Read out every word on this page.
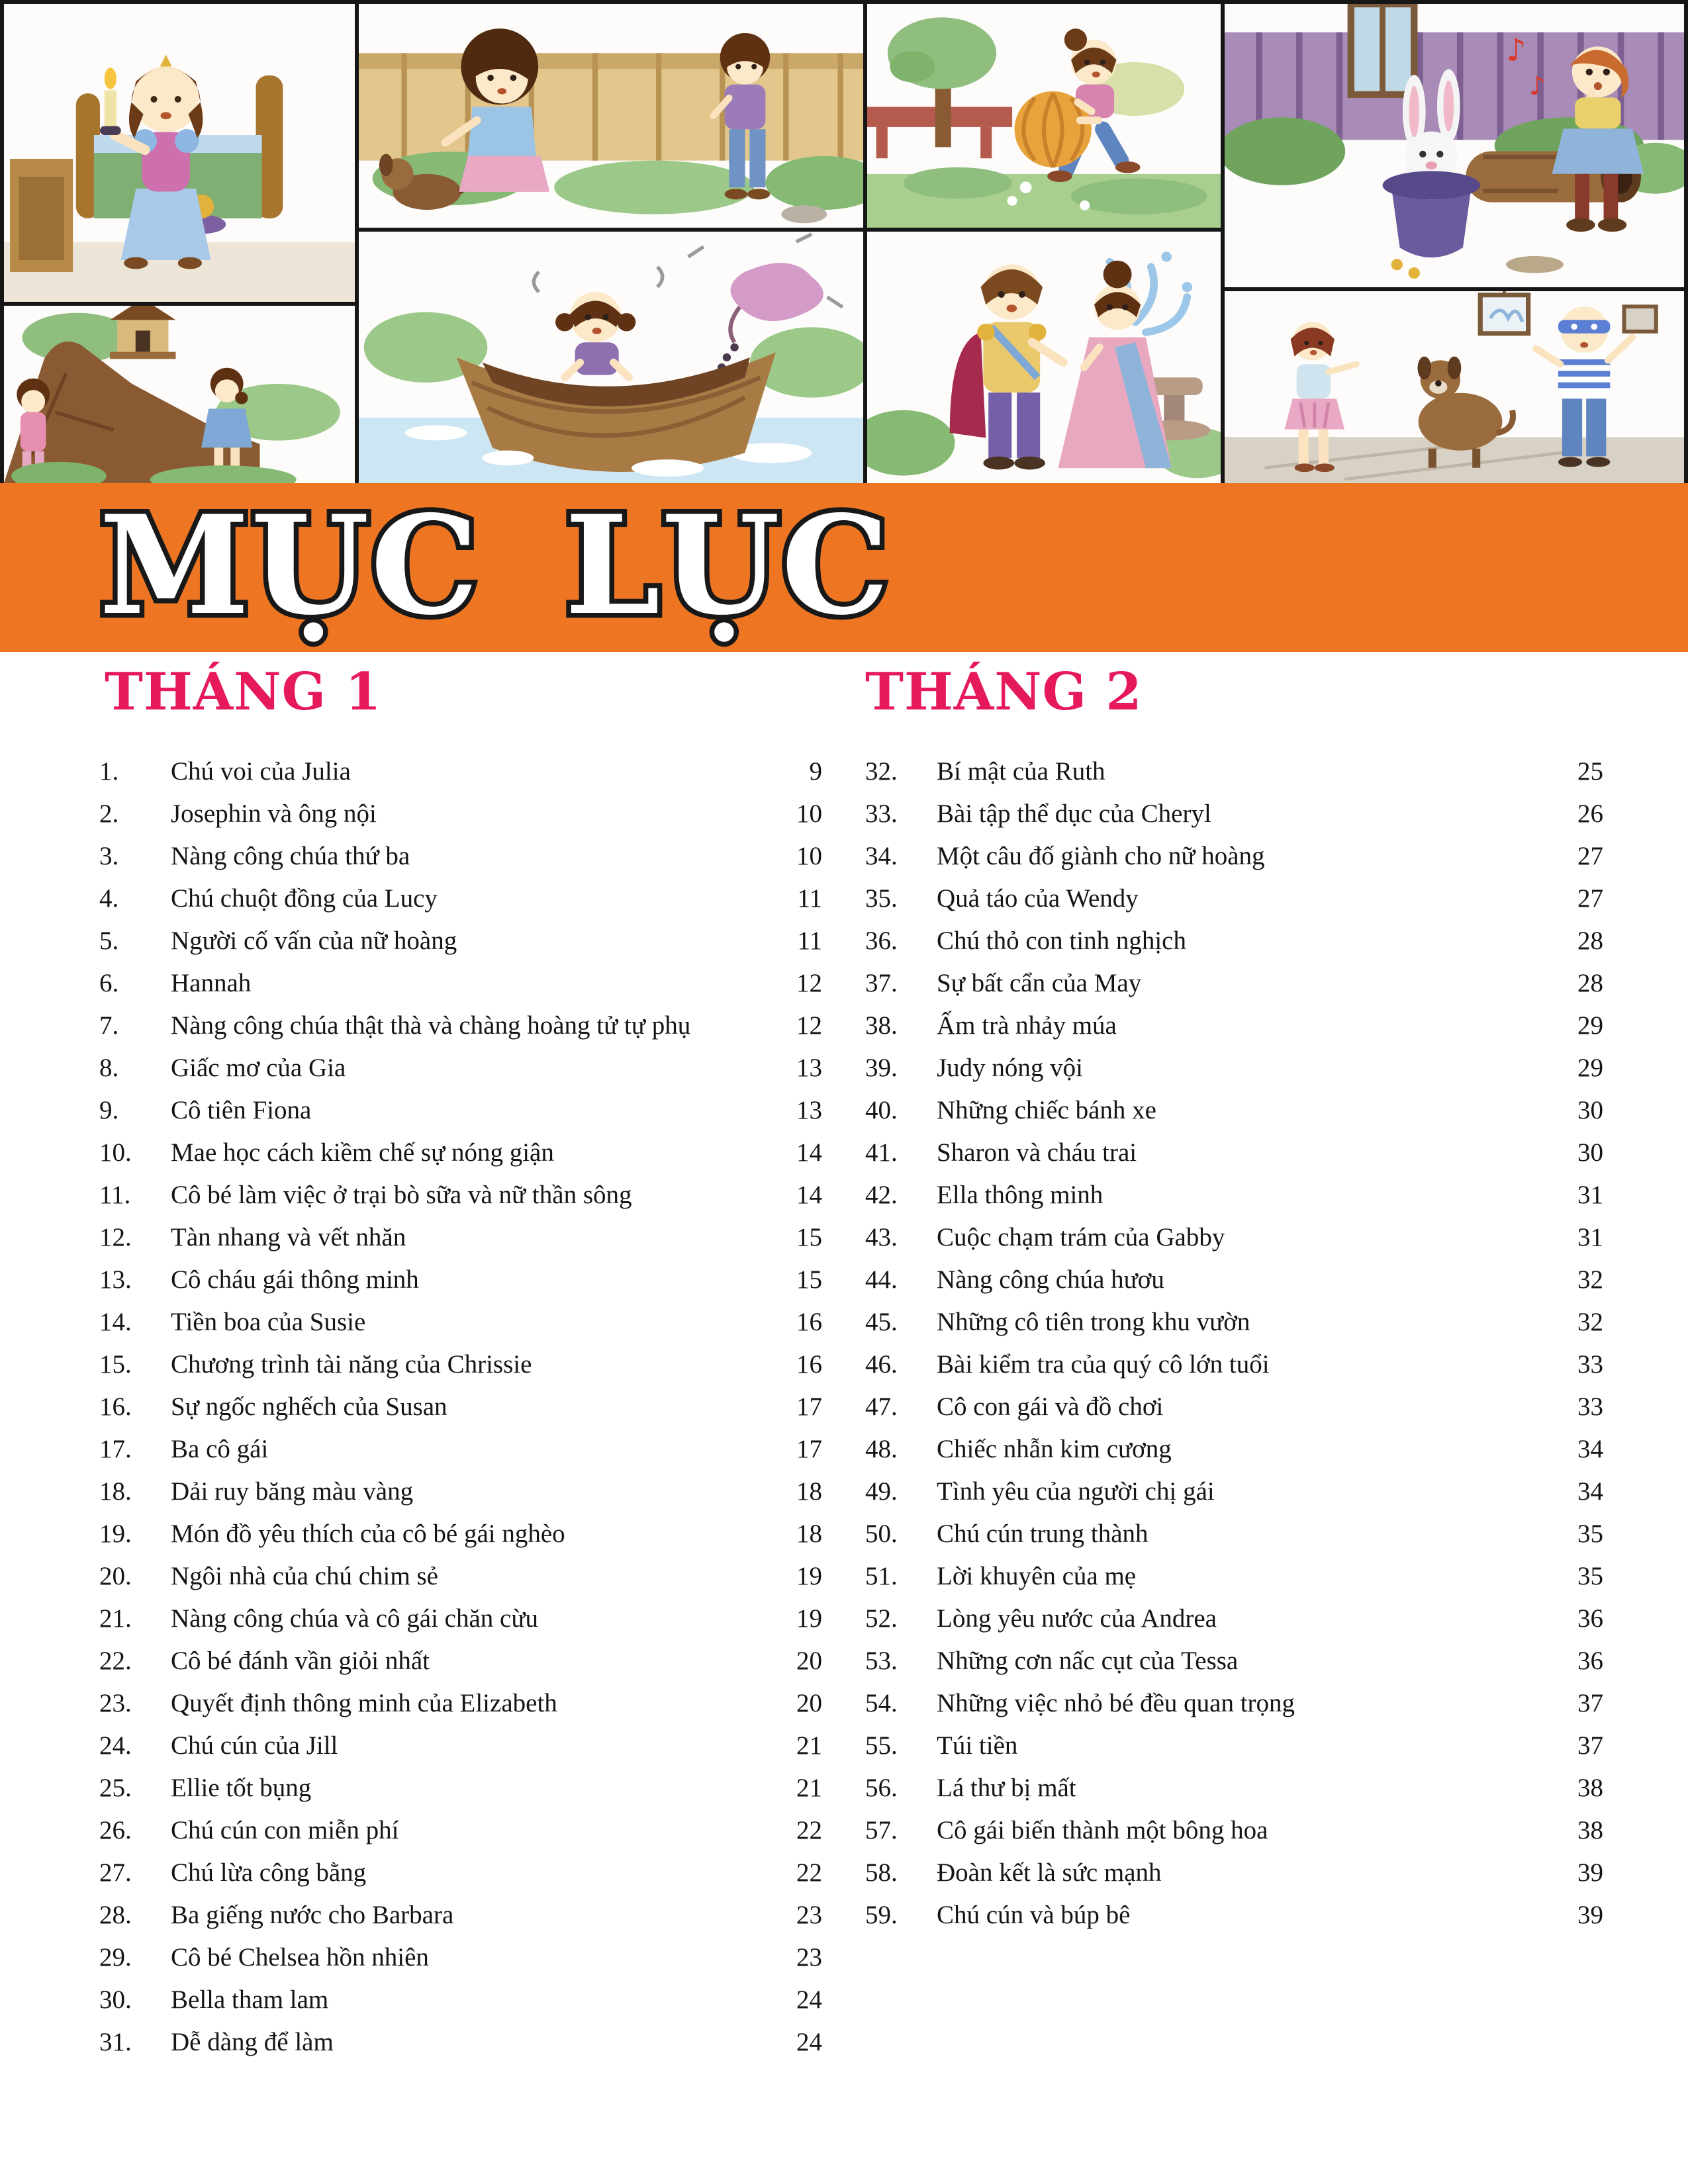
♪
♪
MỤC LỤC
THÁNG 1	THÁNG 2
1.	Chú voi của Julia	9
2.	Josephin và ông nội	10
3.	Nàng công chúa thứ ba	10
4.	Chú chuột đồng của Lucy	11
5.	Người cố vấn của nữ hoàng	11
6.	Hannah	12
7.	Nàng công chúa thật thà và chàng hoàng tử tự phụ	12
8.	Giấc mơ của Gia	13
9.	Cô tiên Fiona	13
10.	Mae học cách kiềm chế sự nóng giận	14
11.	Cô bé làm việc ở trại bò sữa và nữ thần sông	14
12.	Tàn nhang và vết nhăn	15
13.	Cô cháu gái thông minh	15
14.	Tiền boa của Susie	16
15.	Chương trình tài năng của Chrissie	16
16.	Sự ngốc nghếch của Susan	17
17.	Ba cô gái	17
18.	Dải ruy băng màu vàng	18
19.	Món đồ yêu thích của cô bé gái nghèo	18
20.	Ngôi nhà của chú chim sẻ	19
21.	Nàng công chúa và cô gái chăn cừu	19
22.	Cô bé đánh vần giỏi nhất	20
23.	Quyết định thông minh của Elizabeth	20
24.	Chú cún của Jill	21
25.	Ellie tốt bụng	21
26.	Chú cún con miễn phí	22
27.	Chú lừa công bằng	22
28.	Ba giếng nước cho Barbara	23
29.	Cô bé Chelsea hồn nhiên	23
30.	Bella tham lam	24
31.	Dễ dàng để làm	24
32.	Bí mật của Ruth	25
33.	Bài tập thể dục của Cheryl	26
34.	Một câu đố giành cho nữ hoàng	27
35.	Quả táo của Wendy	27
36.	Chú thỏ con tinh nghịch	28
37.	Sự bất cẩn của May	28
38.	Ấm trà nhảy múa	29
39.	Judy nóng vội	29
40.	Những chiếc bánh xe	30
41.	Sharon và cháu trai	30
42.	Ella thông minh	31
43.	Cuộc chạm trám của Gabby	31
44.	Nàng công chúa hươu	32
45.	Những cô tiên trong khu vườn	32
46.	Bài kiểm tra của quý cô lớn tuổi	33
47.	Cô con gái và đồ chơi	33
48.	Chiếc nhẫn kim cương	34
49.	Tình yêu của người chị gái	34
50.	Chú cún trung thành	35
51.	Lời khuyên của mẹ	35
52.	Lòng yêu nước của Andrea	36
53.	Những cơn nấc cụt của Tessa	36
54.	Những việc nhỏ bé đều quan trọng	37
55.	Túi tiền	37
56.	Lá thư bị mất	38
57.	Cô gái biến thành một bông hoa	38
58.	Đoàn kết là sức mạnh	39
59.	Chú cún và búp bê	39
